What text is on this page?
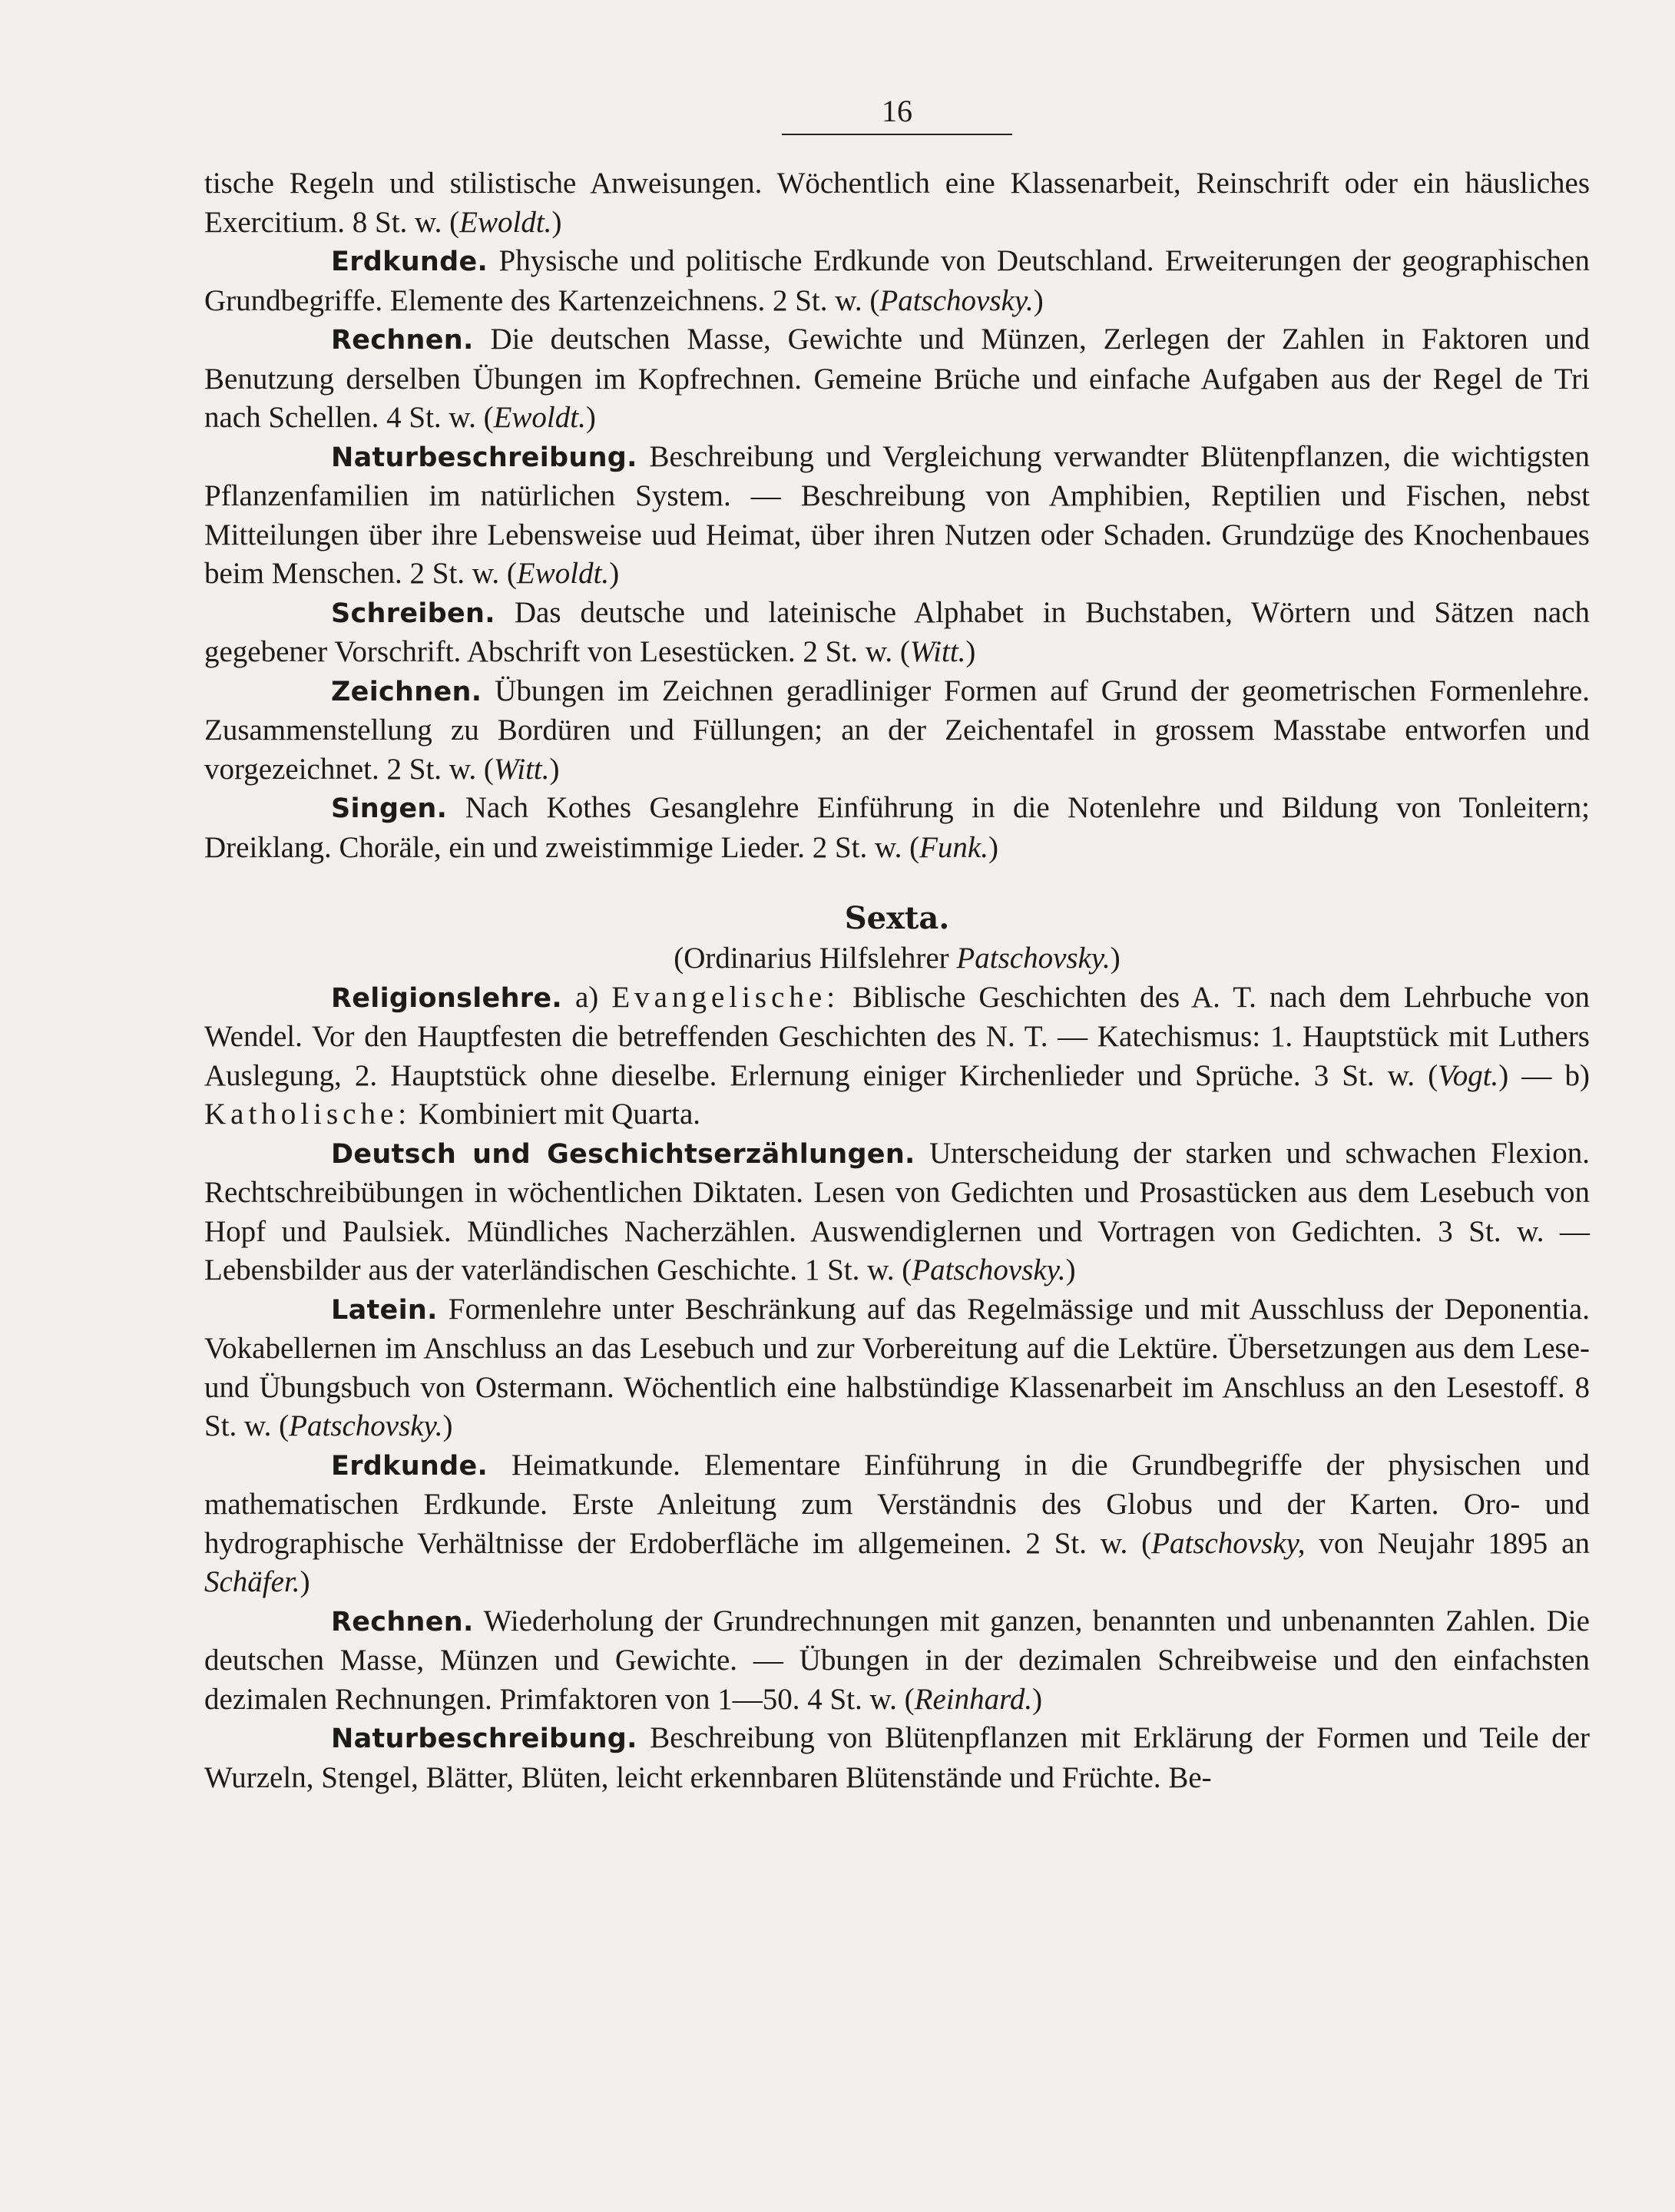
16

tische Regeln und stilistische Anweisungen. Wöchentlich eine Klassenarbeit, Reinschrift oder ein häusliches Exercitium. 8 St. w. (Ewoldt.)

Erdkunde. Physische und politische Erdkunde von Deutschland. Erweiterungen der geographischen Grundbegriffe. Elemente des Kartenzeichnens. 2 St. w. (Patschovsky.)

Rechnen. Die deutschen Masse, Gewichte und Münzen, Zerlegen der Zahlen in Faktoren und Benutzung derselben Übungen im Kopfrechnen. Gemeine Brüche und einfache Aufgaben aus der Regel de Tri nach Schellen. 4 St. w. (Ewoldt.)

Naturbeschreibung. Beschreibung und Vergleichung verwandter Blütenpflanzen, die wichtigsten Pflanzenfamilien im natürlichen System. — Beschreibung von Amphibien, Reptilien und Fischen, nebst Mitteilungen über ihre Lebensweise uud Heimat, über ihren Nutzen oder Schaden. Grundzüge des Knochenbaues beim Menschen. 2 St. w. (Ewoldt.)

Schreiben. Das deutsche und lateinische Alphabet in Buchstaben, Wörtern und Sätzen nach gegebener Vorschrift. Abschrift von Lesestücken. 2 St. w. (Witt.)

Zeichnen. Übungen im Zeichnen geradliniger Formen auf Grund der geometrischen Formenlehre. Zusammenstellung zu Bordüren und Füllungen; an der Zeichentafel in grossem Masstabe entworfen und vorgezeichnet. 2 St. w. (Witt.)

Singen. Nach Kothes Gesanglehre Einführung in die Notenlehre und Bildung von Tonleitern; Dreiklang. Choräle, ein und zweistimmige Lieder. 2 St. w. (Funk.)

Sexta.

(Ordinarius Hilfslehrer Patschovsky.)

Religionslehre. a) Evangelische: Biblische Geschichten des A. T. nach dem Lehrbuche von Wendel. Vor den Hauptfesten die betreffenden Geschichten des N. T. — Katechismus: 1. Hauptstück mit Luthers Auslegung, 2. Hauptstück ohne dieselbe. Erlernung einiger Kirchenlieder und Sprüche. 3 St. w. (Vogt.) — b) Katholische: Kombiniert mit Quarta.

Deutsch und Geschichtserzählungen. Unterscheidung der starken und schwachen Flexion. Rechtschreibübungen in wöchentlichen Diktaten. Lesen von Gedichten und Prosastücken aus dem Lesebuch von Hopf und Paulsiek. Mündliches Nacherzählen. Auswendiglernen und Vortragen von Gedichten. 3 St. w. — Lebensbilder aus der vaterländischen Geschichte. 1 St. w. (Patschovsky.)

Latein. Formenlehre unter Beschränkung auf das Regelmässige und mit Ausschluss der Deponentia. Vokabellernen im Anschluss an das Lesebuch und zur Vorbereitung auf die Lektüre. Übersetzungen aus dem Lese- und Übungsbuch von Ostermann. Wöchentlich eine halbstündige Klassenarbeit im Anschluss an den Lesestoff. 8 St. w. (Patschovsky.)

Erdkunde. Heimatkunde. Elementare Einführung in die Grundbegriffe der physischen und mathematischen Erdkunde. Erste Anleitung zum Verständnis des Globus und der Karten. Oro- und hydrographische Verhältnisse der Erdoberfläche im allgemeinen. 2 St. w. (Patschovsky, von Neujahr 1895 an Schäfer.)

Rechnen. Wiederholung der Grundrechnungen mit ganzen, benannten und unbenannten Zahlen. Die deutschen Masse, Münzen und Gewichte. — Übungen in der dezimalen Schreibweise und den einfachsten dezimalen Rechnungen. Primfaktoren von 1—50. 4 St. w. (Reinhard.)

Naturbeschreibung. Beschreibung von Blütenpflanzen mit Erklärung der Formen und Teile der Wurzeln, Stengel, Blätter, Blüten, leicht erkennbaren Blütenstände und Früchte. Be-
